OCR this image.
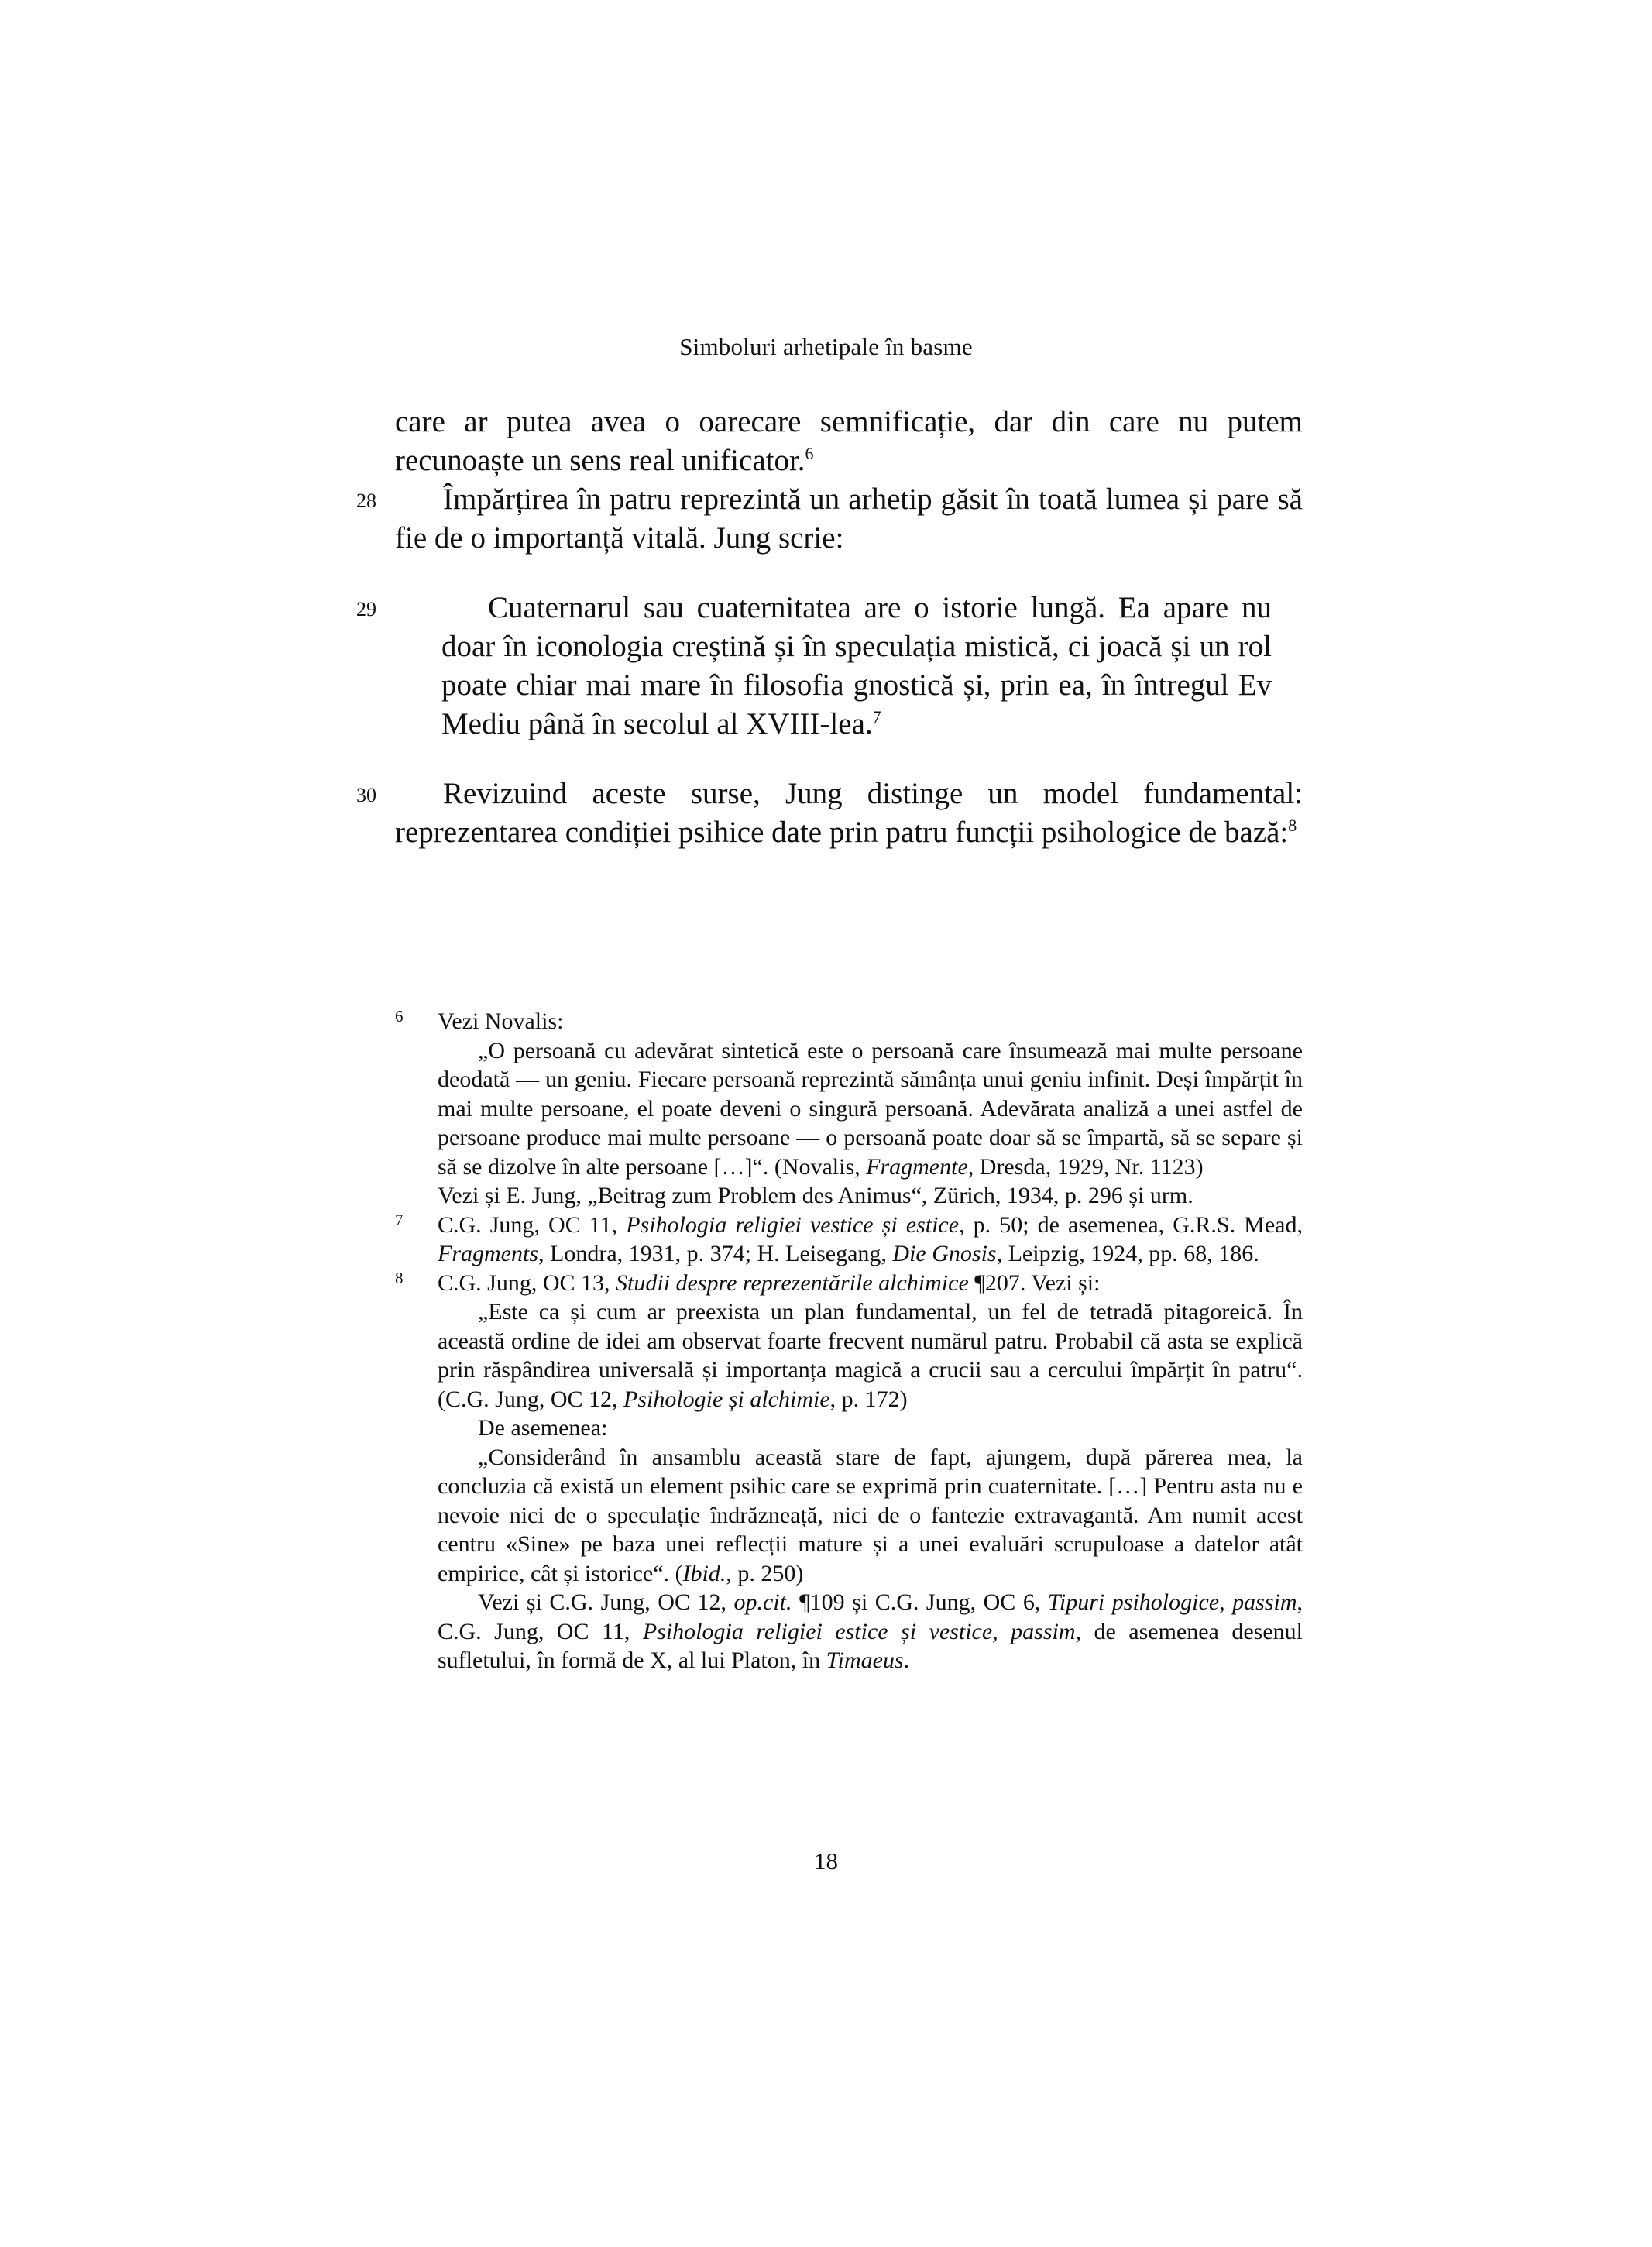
Simboluri arhetipale în basme

care ar putea avea o oarecare semnificație, dar din care nu putem recunoaște un sens real unificator.$^6$

28 Împărțirea în patru reprezintă un arhetip găsit în toată lumea și pare să fie de o importanță vitală. Jung scrie:

29	Cuaternarul sau cuaternitatea are o istorie lungă. Ea apare nu doar în iconologia creștină și în speculația mistică, ci joacă și un rol poate chiar mai mare în filosofia gnostică și, prin ea, în întregul Ev Mediu până în secolul al XVIII-lea.$^7$

30 Revizuind aceste surse, Jung distinge un model fundamental: reprezentarea condiției psihice date prin patru funcții psihologice de bază:$^8$

6 Vezi Novalis:

„O persoană cu adevărat sintetică este o persoană care însumează mai multe persoane deodată — un geniu. Fiecare persoană reprezintă sămânța unui geniu infinit. Deși împărțit în mai multe persoane, el poate deveni o singură persoană. Adevărata analiză a unei astfel de persoane produce mai multe persoane — o persoană poate doar să se împartă, să se separe și să se dizolve în alte persoane […]“. (Novalis, Fragmente, Dresda, 1929, Nr. 1123)

Vezi și E. Jung, „Beitrag zum Problem des Animus“, Zürich, 1934, p. 296 și urm.

7 C.G. Jung, OC 11, Psihologia religiei vestice și estice, p. 50; de asemenea, G.R.S. Mead, Fragments, Londra, 1931, p. 374; H. Leisegang, Die Gnosis, Leipzig, 1924, pp. 68, 186.

8 C.G. Jung, OC 13, Studii despre reprezentările alchimice ¶207. Vezi și:

„Este ca și cum ar preexista un plan fundamental, un fel de tetradă pitagoreică. În această ordine de idei am observat foarte frecvent numărul patru. Probabil că asta se explică prin răspândirea universală și importanța magică a crucii sau a cercului împărțit în patru“. (C.G. Jung, OC 12, Psihologie și alchimie, p. 172)

De asemenea:

„Considerând în ansamblu această stare de fapt, ajungem, după părerea mea, la concluzia că există un element psihic care se exprimă prin cuaternitate. […] Pentru asta nu e nevoie nici de o speculație îndrăzneață, nici de o fantezie extravagantă. Am numit acest centru «Sine» pe baza unei reflecții mature și a unei evaluări scrupuloase a datelor atât empirice, cât și istorice“. (Ibid., p. 250)

Vezi și C.G. Jung, OC 12, op.cit. ¶109 și C.G. Jung, OC 6, Tipuri psihologice, passim, C.G. Jung, OC 11, Psihologia religiei estice și vestice, passim, de asemenea desenul sufletului, în formă de X, al lui Platon, în Timaeus.

18
